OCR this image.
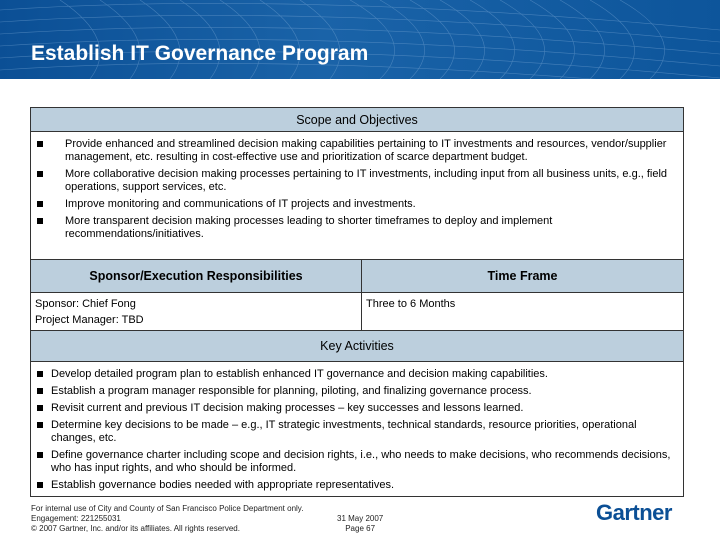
Establish IT Governance Program
Scope and Objectives
Provide enhanced and streamlined decision making capabilities pertaining to IT investments and resources, vendor/supplier management, etc. resulting in cost-effective use and prioritization of scarce department budget.
More collaborative decision making processes pertaining to IT investments, including input from all business units, e.g., field operations, support services, etc.
Improve monitoring and communications of IT projects and investments.
More transparent decision making processes leading to shorter timeframes to deploy and implement recommendations/initiatives.
Sponsor/Execution Responsibilities
Sponsor: Chief Fong
Project Manager: TBD
Time Frame
Three to 6 Months
Key Activities
Develop detailed program plan to establish enhanced IT governance and decision making capabilities.
Establish a program manager responsible for planning, piloting, and finalizing governance process.
Revisit current and previous IT decision making processes – key successes and lessons learned.
Determine key decisions to be made – e.g., IT strategic investments, technical standards, resource priorities, operational changes, etc.
Define governance charter including scope and decision rights, i.e., who needs to make decisions, who recommends decisions, who has input rights, and who should be informed.
Establish governance bodies needed with appropriate representatives.
For internal use of City and County of San Francisco Police Department only.
Engagement: 221255031
© 2007 Gartner, Inc. and/or its affiliates. All rights reserved.
31 May 2007
Page 67
Gartner
